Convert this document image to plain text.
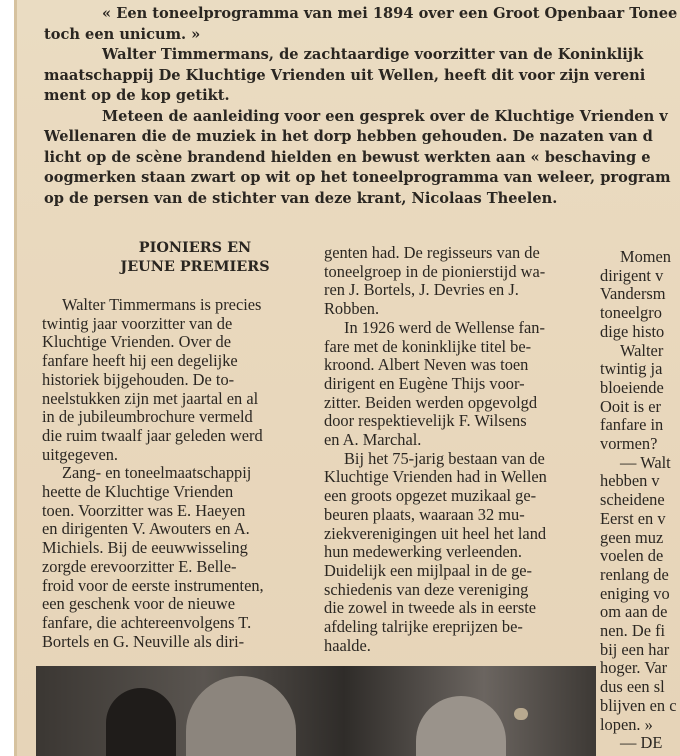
« Een toneelprogramma van mei 1894 over een Groot Openbaar Tonee

toch een unicum. »

Walter Timmermans, de zachtaardige voorzitter van de Koninklijk

maatschappij De Kluchtige Vrienden uit Wellen, heeft dit voor zijn vereni

ment op de kop getikt.

Meteen de aanleiding voor een gesprek over de Kluchtige Vrienden v

Wellenaren die de muziek in het dorp hebben gehouden. De nazaten van d

licht op de scène brandend hielden en bewust werkten aan « beschaving e

oogmerken staan zwart op wit op het toneelprogramma van weleer, program

op de persen van de stichter van deze krant, Nicolaas Theelen.

PIONIERS EN
JEUNE PREMIERS

Walter Timmermans is precies

twintig jaar voorzitter van de

Kluchtige Vrienden. Over de

fanfare heeft hij een degelijke

historiek bijgehouden. De to-

neelstukken zijn met jaartal en al

in de jubileumbrochure vermeld

die ruim twaalf jaar geleden werd

uitgegeven.

Zang- en toneelmaatschappij

heette de Kluchtige Vrienden

toen. Voorzitter was E. Haeyen

en dirigenten V. Awouters en A.

Michiels. Bij de eeuwwisseling

zorgde erevoorzitter E. Belle-

froid voor de eerste instrumenten,

een geschenk voor de nieuwe

fanfare, die achtereenvolgens T.

Bortels en G. Neuville als diri-

genten had. De regisseurs van de

toneelgroep in de pionierstijd wa-

ren J. Bortels, J. Devries en J.

Robben.

In 1926 werd de Wellense fan-

fare met de koninklijke titel be-

kroond. Albert Neven was toen

dirigent en Eugène Thijs voor-

zitter. Beiden werden opgevolgd

door respektievelijk F. Wilsens

en A. Marchal.

Bij het 75-jarig bestaan van de

Kluchtige Vrienden had in Wellen

een groots opgezet muzikaal ge-

beuren plaats, waaraan 32 mu-

ziekverenigingen uit heel het land

hun medewerking verleenden.

Duidelijk een mijlpaal in de ge-

schiedenis van deze vereniging

die zowel in tweede als in eerste

afdeling talrijke ereprijzen be-

haalde.

Momen

dirigent v

Vandersm

toneelgro

dige histo

Walter

twintig ja

bloeiende

Ooit is er

fanfare in

vormen?

— Walt

hebben v

scheidene

Eerst en v

geen muz

voelen de

renlang de

eniging vo

om aan de

nen. De fi

bij een har

hoger. Var

dus een sl

blijven en c

lopen. »

— DE
